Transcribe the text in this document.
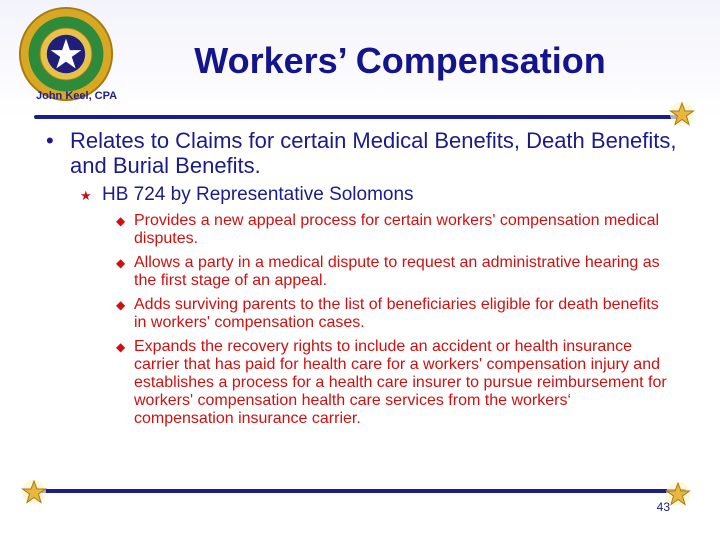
John Keel, CPA
Workers’ Compensation
• Relates to Claims for certain Medical Benefits, Death Benefits, and Burial Benefits.
★ HB 724 by Representative Solomons
◆ Provides a new appeal process for certain workers' compensation medical disputes.
◆ Allows a party in a medical dispute to request an administrative hearing as the first stage of an appeal.
◆ Adds surviving parents to the list of beneficiaries eligible for death benefits in workers' compensation cases.
◆ Expands the recovery rights to include an accident or health insurance carrier that has paid for health care for a workers' compensation injury and establishes a process for a health care insurer to pursue reimbursement for workers' compensation health care services from the workers‘ compensation insurance carrier.
43
